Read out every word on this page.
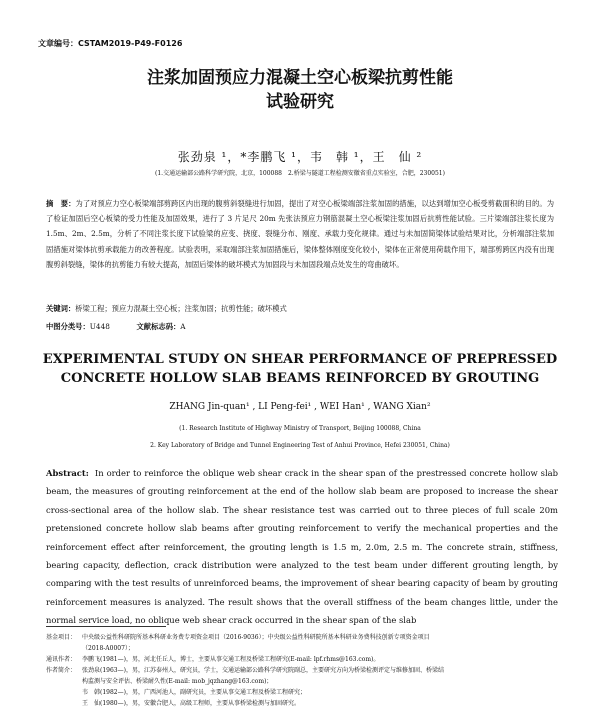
文章编号：CSTAM2019-P49-F0126
注浆加固预应力混凝土空心板梁抗剪性能
试验研究
张劲泉 ¹，*李鹏飞 ¹，韦　韩 ¹，王　仙 ²
(1.交通运输部公路科学研究院，北京，100088　2.桥梁与隧道工程检测安徽省重点实验室，合肥，230051)
摘　要：为了对预应力空心板梁端部剪跨区内出现的腹剪斜裂缝进行加固，提出了对空心板梁端部注浆加固的措施，以达到增加空心板受剪截面积的目的。为了检证加固后空心板梁的受力性能及加固效果，进行了 3 片足尺 20m 先张法预应力钢筋混凝土空心板梁注浆加固后抗剪性能试验。三片梁端部注浆长度为 1.5m、2m、2.5m，分析了不同注浆长度下试验梁的应变、挠度、裂缝分布、刚度、承载力变化规律。通过与未加固简梁体试验结果对比，分析端部注浆加固措施对梁体抗剪承载能力的改善程度。试验表明，采取端部注浆加固措施后，梁体整体刚度变化较小，梁体在正常使用荷载作用下，端部剪跨区内没有出现腹剪斜裂缝，梁体的抗剪能力有较大提高，加固后梁体的破坏模式为加固段与未加固段端点处发生的弯曲破坏。
关键词：桥梁工程；预应力混凝土空心板；注浆加固；抗剪性能；破坏模式
中图分类号：U448	文献标志码：A
EXPERIMENTAL STUDY ON SHEAR PERFORMANCE OF PREPRESSED
CONCRETE HOLLOW SLAB BEAMS REINFORCED BY GROUTING
ZHANG Jin-quan¹ , LI Peng-fei¹ , WEI Han¹ , WANG Xian²
(1. Research Institute of Highway Ministry of Transport, Beijing 100088, China
2. Key Laboratory of Bridge and Tunnel Engineering Test of Anhui Province, Hefei 230051, China)
Abstract: In order to reinforce the oblique web shear crack in the shear span of the prestressed concrete hollow slab beam, the measures of grouting reinforcement at the end of the hollow slab beam are proposed to increase the shear cross-sectional area of the hollow slab. The shear resistance test was carried out to three pieces of full scale 20m pretensioned concrete hollow slab beams after grouting reinforcement to verify the mechanical properties and the reinforcement effect after reinforcement, the grouting length is 1.5 m, 2.0m, 2.5 m. The concrete strain, stiffness, bearing capacity, deflection, crack distribution were analyzed to the test beam under different grouting length, by comparing with the test results of unreinforced beams, the improvement of shear bearing capacity of beam by grouting reinforcement measures is analyzed. The result shows that the overall stiffness of the beam changes little, under the normal service load, no oblique web shear crack occurred in the shear span of the slab
基金项目： 中央级公益性科研院所基本科研业务费专项资金项目（2016-9036）；中央级公益性科研院所基本科研业务费科技创新专项资金项目
（2018-A0007）；
通讯作者： 李鹏飞(1981—)，男，河北任丘人，博士，主要从事交通工程及桥梁工程研究(E-mail: lpf.rhms@163.com)。
作者简介： 张劲泉(1963—)，男，江苏泰州人，研究员，学士，交通运输部公路科学研究院副总，主要研究方向为桥梁检测评定与维修加固、桥梁结
构监测与安全评估、桥梁耐久性(E-mail: mob_jqzhang@163.com)；
韦　韩(1982—)，男，广西河池人，副研究员，主要从事交通工程及桥梁工程研究；
王　仙(1980—)，男，安徽合肥人，高级工程师，主要从事桥梁检测与加固研究。
